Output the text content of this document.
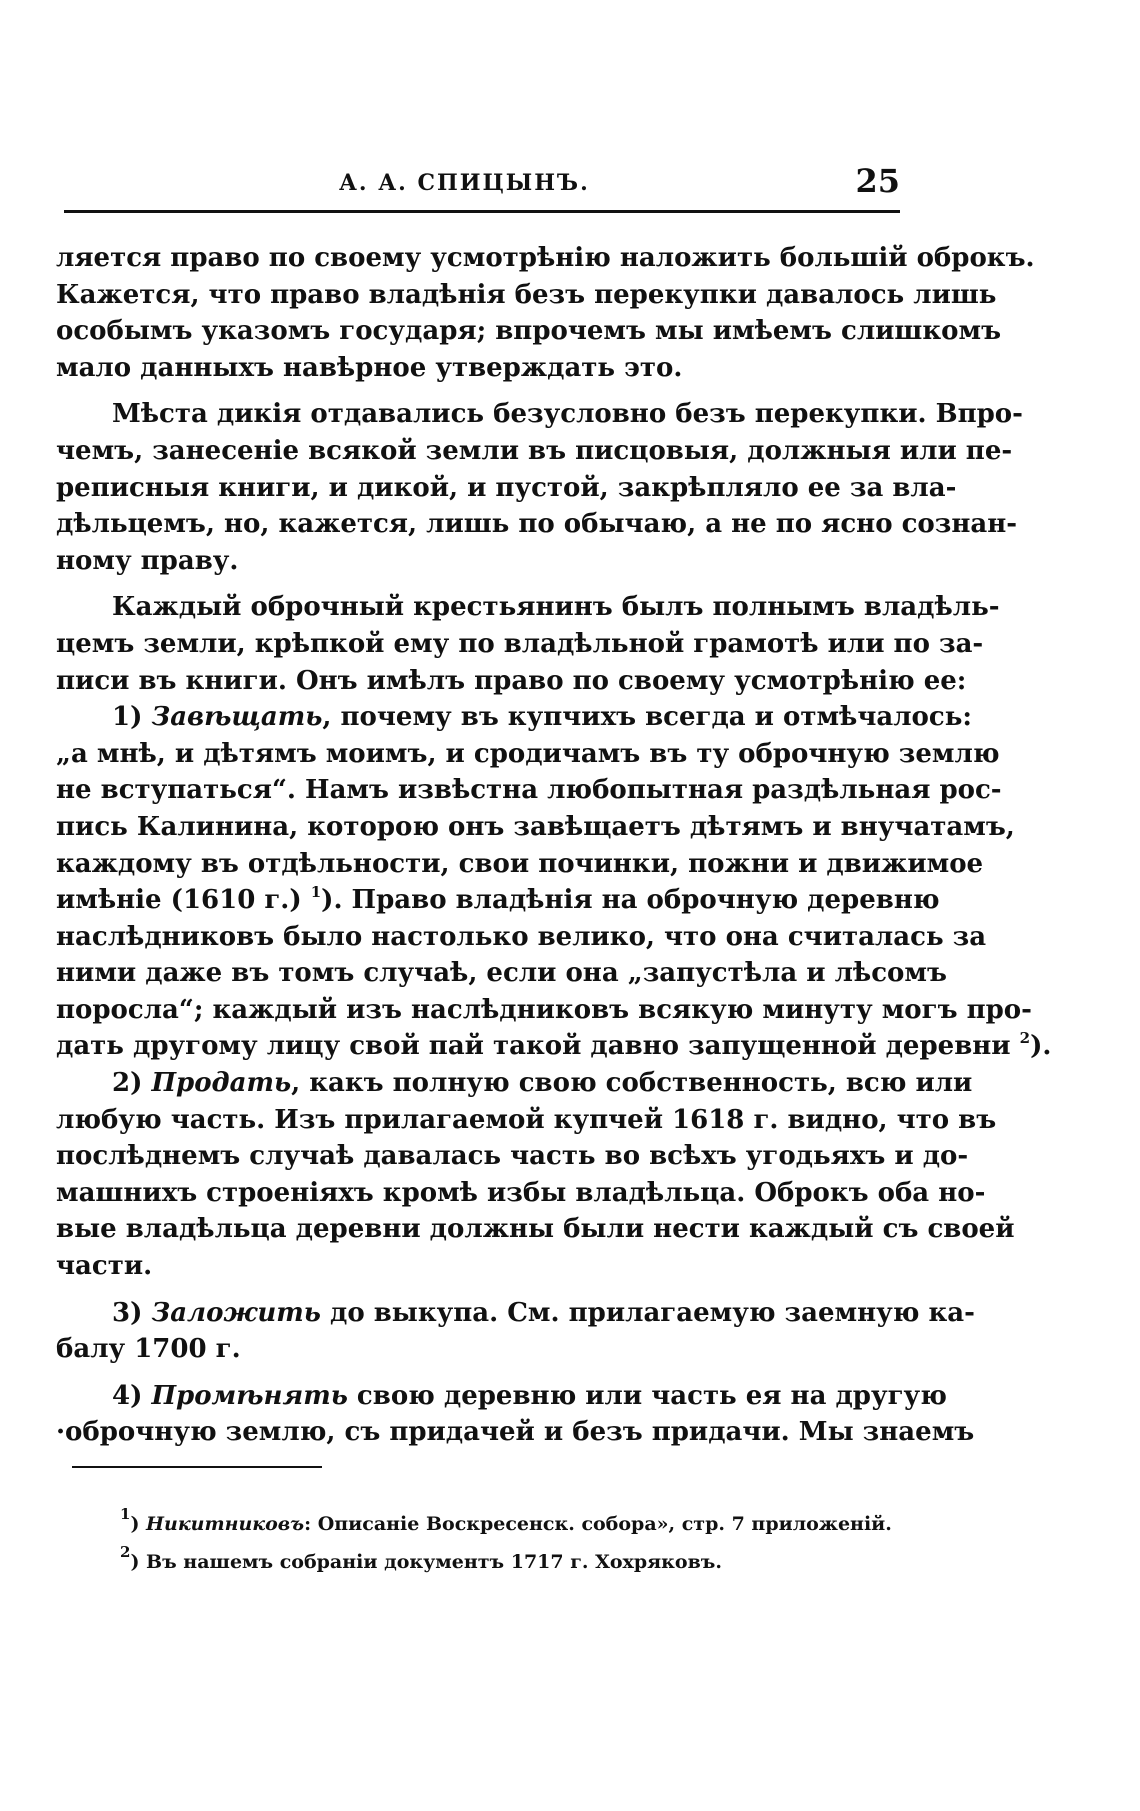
А. А. СПИЦЫНЪ.	25
ляется право по своему усмотрѣнію наложить большій оброкъ.
Кажется, что право владѣнія безъ перекупки давалось лишь
особымъ указомъ государя; впрочемъ мы имѣемъ слишкомъ
мало данныхъ навѣрное утверждать это.
Мѣста дикія отдавались безусловно безъ перекупки. Впро-
чемъ, занесеніе всякой земли въ писцовыя, должныя или пе-
реписныя книги, и дикой, и пустой, закрѣпляло ее за вла-
дѣльцемъ, но, кажется, лишь по обычаю, а не по ясно сознан-
ному праву.
Каждый оброчный крестьянинъ былъ полнымъ владѣль-
цемъ земли, крѣпкой ему по владѣльной грамотѣ или по за-
писи въ книги. Онъ имѣлъ право по своему усмотрѣнію ее:
1) Завѣщать, почему въ купчихъ всегда и отмѣчалось:
„а мнѣ, и дѣтямъ моимъ, и сродичамъ въ ту оброчную землю
не вступаться“. Намъ извѣстна любопытная раздѣльная рос-
пись Калинина, которою онъ завѣщаетъ дѣтямъ и внучатамъ,
каждому въ отдѣльности, свои починки, пожни и движимое
имѣніе (1610 г.) $^1$). Право владѣнія на оброчную деревню
наслѣдниковъ было настолько велико, что она считалась за
ними даже въ томъ случаѣ, если она „запустѣла и лѣсомъ
поросла“; каждый изъ наслѣдниковъ всякую минуту могъ про-
дать другому лицу свой пай такой давно запущенной деревни $^2$).
2) Продать, какъ полную свою собственность, всю или
любую часть. Изъ прилагаемой купчей 1618 г. видно, что въ
послѣднемъ случаѣ давалась часть во всѣхъ угодьяхъ и до-
машнихъ строеніяхъ кромѣ избы владѣльца. Оброкъ оба но-
вые владѣльца деревни должны были нести каждый съ своей
части.
3) Заложить до выкупа. См. прилагаемую заемную ка-
балу 1700 г.
4) Промѣнять свою деревню или часть ея на другую
·оброчную землю, съ придачей и безъ придачи. Мы знаемъ
$^1$) Никитниковъ: Описаніе Воскресенск. собора», стр. 7 приложеній.
$^2$) Въ нашемъ собраніи документъ 1717 г. Хохряковъ.
